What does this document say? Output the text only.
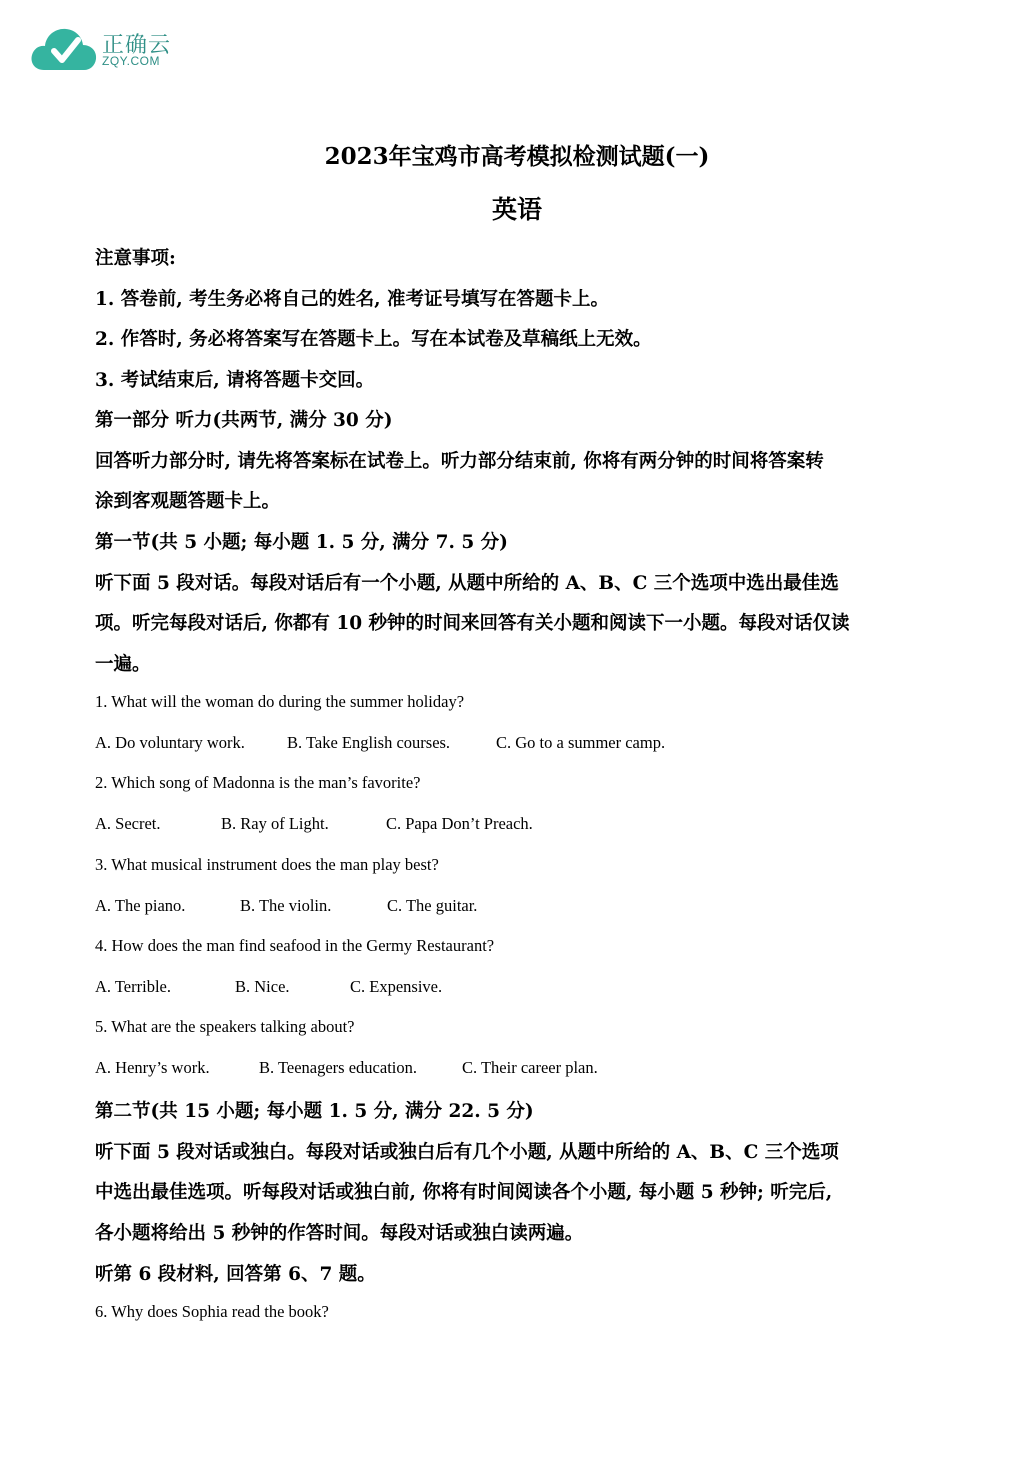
正确云
ZQY.COM
2023年宝鸡市高考模拟检测试题(一)
英语
注意事项:
1. 答卷前, 考生务必将自己的姓名, 准考证号填写在答题卡上。
2. 作答时, 务必将答案写在答题卡上。写在本试卷及草稿纸上无效。
3. 考试结束后, 请将答题卡交回。
第一部分 听力(共两节, 满分 30 分)
回答听力部分时, 请先将答案标在试卷上。听力部分结束前, 你将有两分钟的时间将答案转
涂到客观题答题卡上。
第一节(共 5 小题; 每小题 1. 5 分, 满分 7. 5 分)
听下面 5 段对话。每段对话后有一个小题, 从题中所给的 A、B、C 三个选项中选出最佳选
项。听完每段对话后, 你都有 10 秒钟的时间来回答有关小题和阅读下一小题。每段对话仅读
一遍。
1. What will the woman do during the summer holiday?
A. Do voluntary work.	B. Take English courses.	C. Go to a summer camp.
2. Which song of Madonna is the man’s favorite?
A. Secret.	B. Ray of Light.	C. Papa Don’t Preach.
3. What musical instrument does the man play best?
A. The piano.	B. The violin.	C. The guitar.
4. How does the man find seafood in the Germy Restaurant?
A. Terrible.	B. Nice.	C. Expensive.
5. What are the speakers talking about?
A. Henry’s work.	B. Teenagers education.	C. Their career plan.
第二节(共 15 小题; 每小题 1. 5 分, 满分 22. 5 分)
听下面 5 段对话或独白。每段对话或独白后有几个小题, 从题中所给的 A、B、C 三个选项
中选出最佳选项。听每段对话或独白前, 你将有时间阅读各个小题, 每小题 5 秒钟; 听完后,
各小题将给出 5 秒钟的作答时间。每段对话或独白读两遍。
听第 6 段材料, 回答第 6、7 题。
6. Why does Sophia read the book?
